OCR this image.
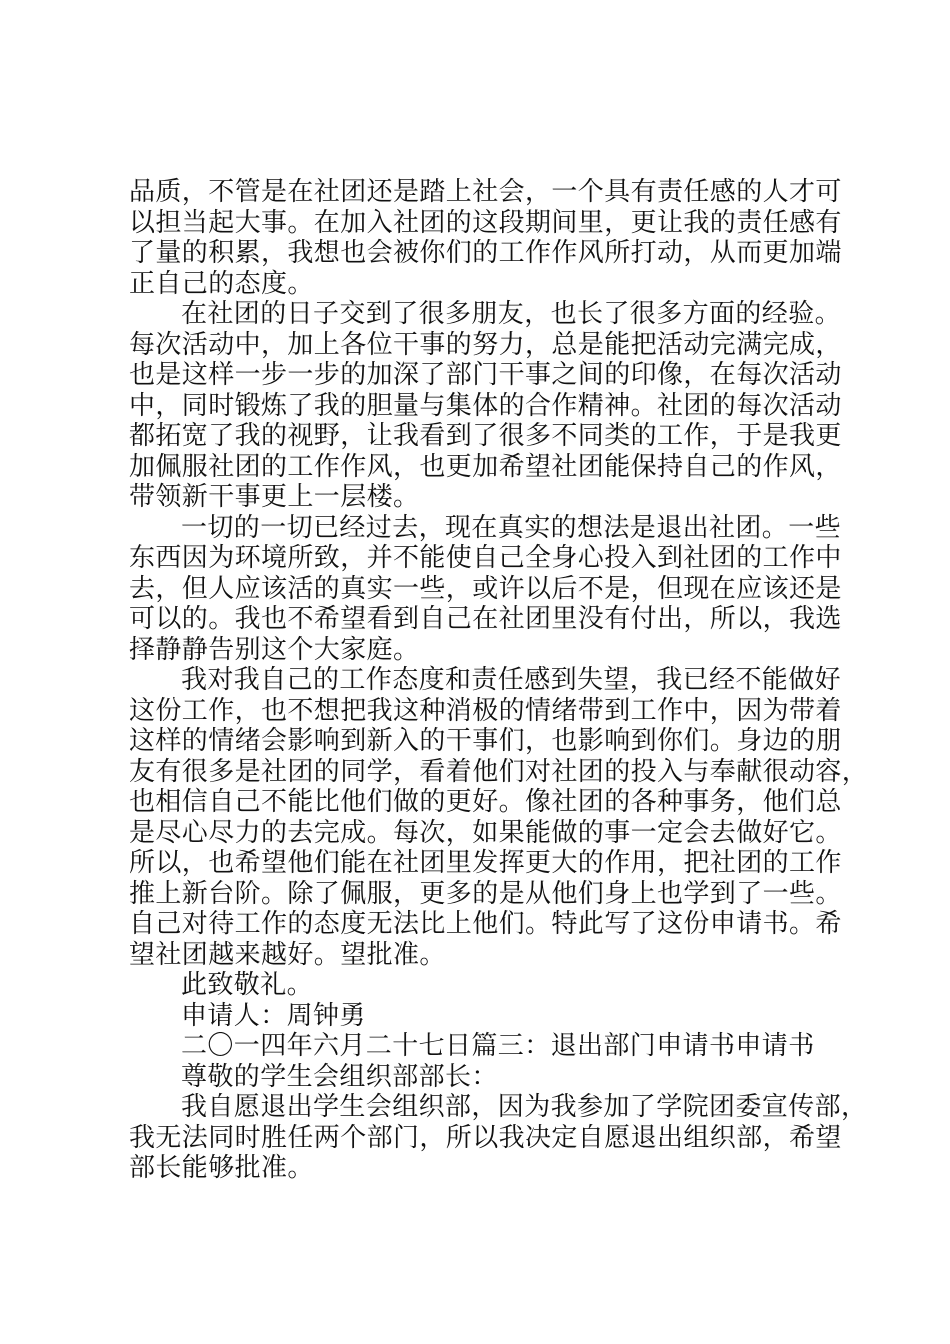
品质，不管是在社团还是踏上社会，一个具有责任感的人才可
以担当起大事。在加入社团的这段期间里，更让我的责任感有
了量的积累，我想也会被你们的工作作风所打动，从而更加端
正自己的态度。
在社团的日子交到了很多朋友，也长了很多方面的经验。
每次活动中，加上各位干事的努力，总是能把活动完满完成，
也是这样一步一步的加深了部门干事之间的印像，在每次活动
中，同时锻炼了我的胆量与集体的合作精神。社团的每次活动
都拓宽了我的视野，让我看到了很多不同类的工作，于是我更
加佩服社团的工作作风，也更加希望社团能保持自己的作风，
带领新干事更上一层楼。
一切的一切已经过去，现在真实的想法是退出社团。一些
东西因为环境所致，并不能使自己全身心投入到社团的工作中
去，但人应该活的真实一些，或许以后不是，但现在应该还是
可以的。我也不希望看到自己在社团里没有付出，所以，我选
择静静告别这个大家庭。
我对我自己的工作态度和责任感到失望，我已经不能做好
这份工作，也不想把我这种消极的情绪带到工作中，因为带着
这样的情绪会影响到新入的干事们，也影响到你们。身边的朋
友有很多是社团的同学，看着他们对社团的投入与奉献很动容，
也相信自己不能比他们做的更好。像社团的各种事务，他们总
是尽心尽力的去完成。每次，如果能做的事一定会去做好它。
所以，也希望他们能在社团里发挥更大的作用，把社团的工作
推上新台阶。除了佩服，更多的是从他们身上也学到了一些。
自己对待工作的态度无法比上他们。特此写了这份申请书。希
望社团越来越好。望批准。
此致敬礼。
申请人：周钟勇
二〇一四年六月二十七日篇三：退出部门申请书申请书
尊敬的学生会组织部部长：
我自愿退出学生会组织部，因为我参加了学院团委宣传部，
我无法同时胜任两个部门，所以我决定自愿退出组织部，希望
部长能够批准。
